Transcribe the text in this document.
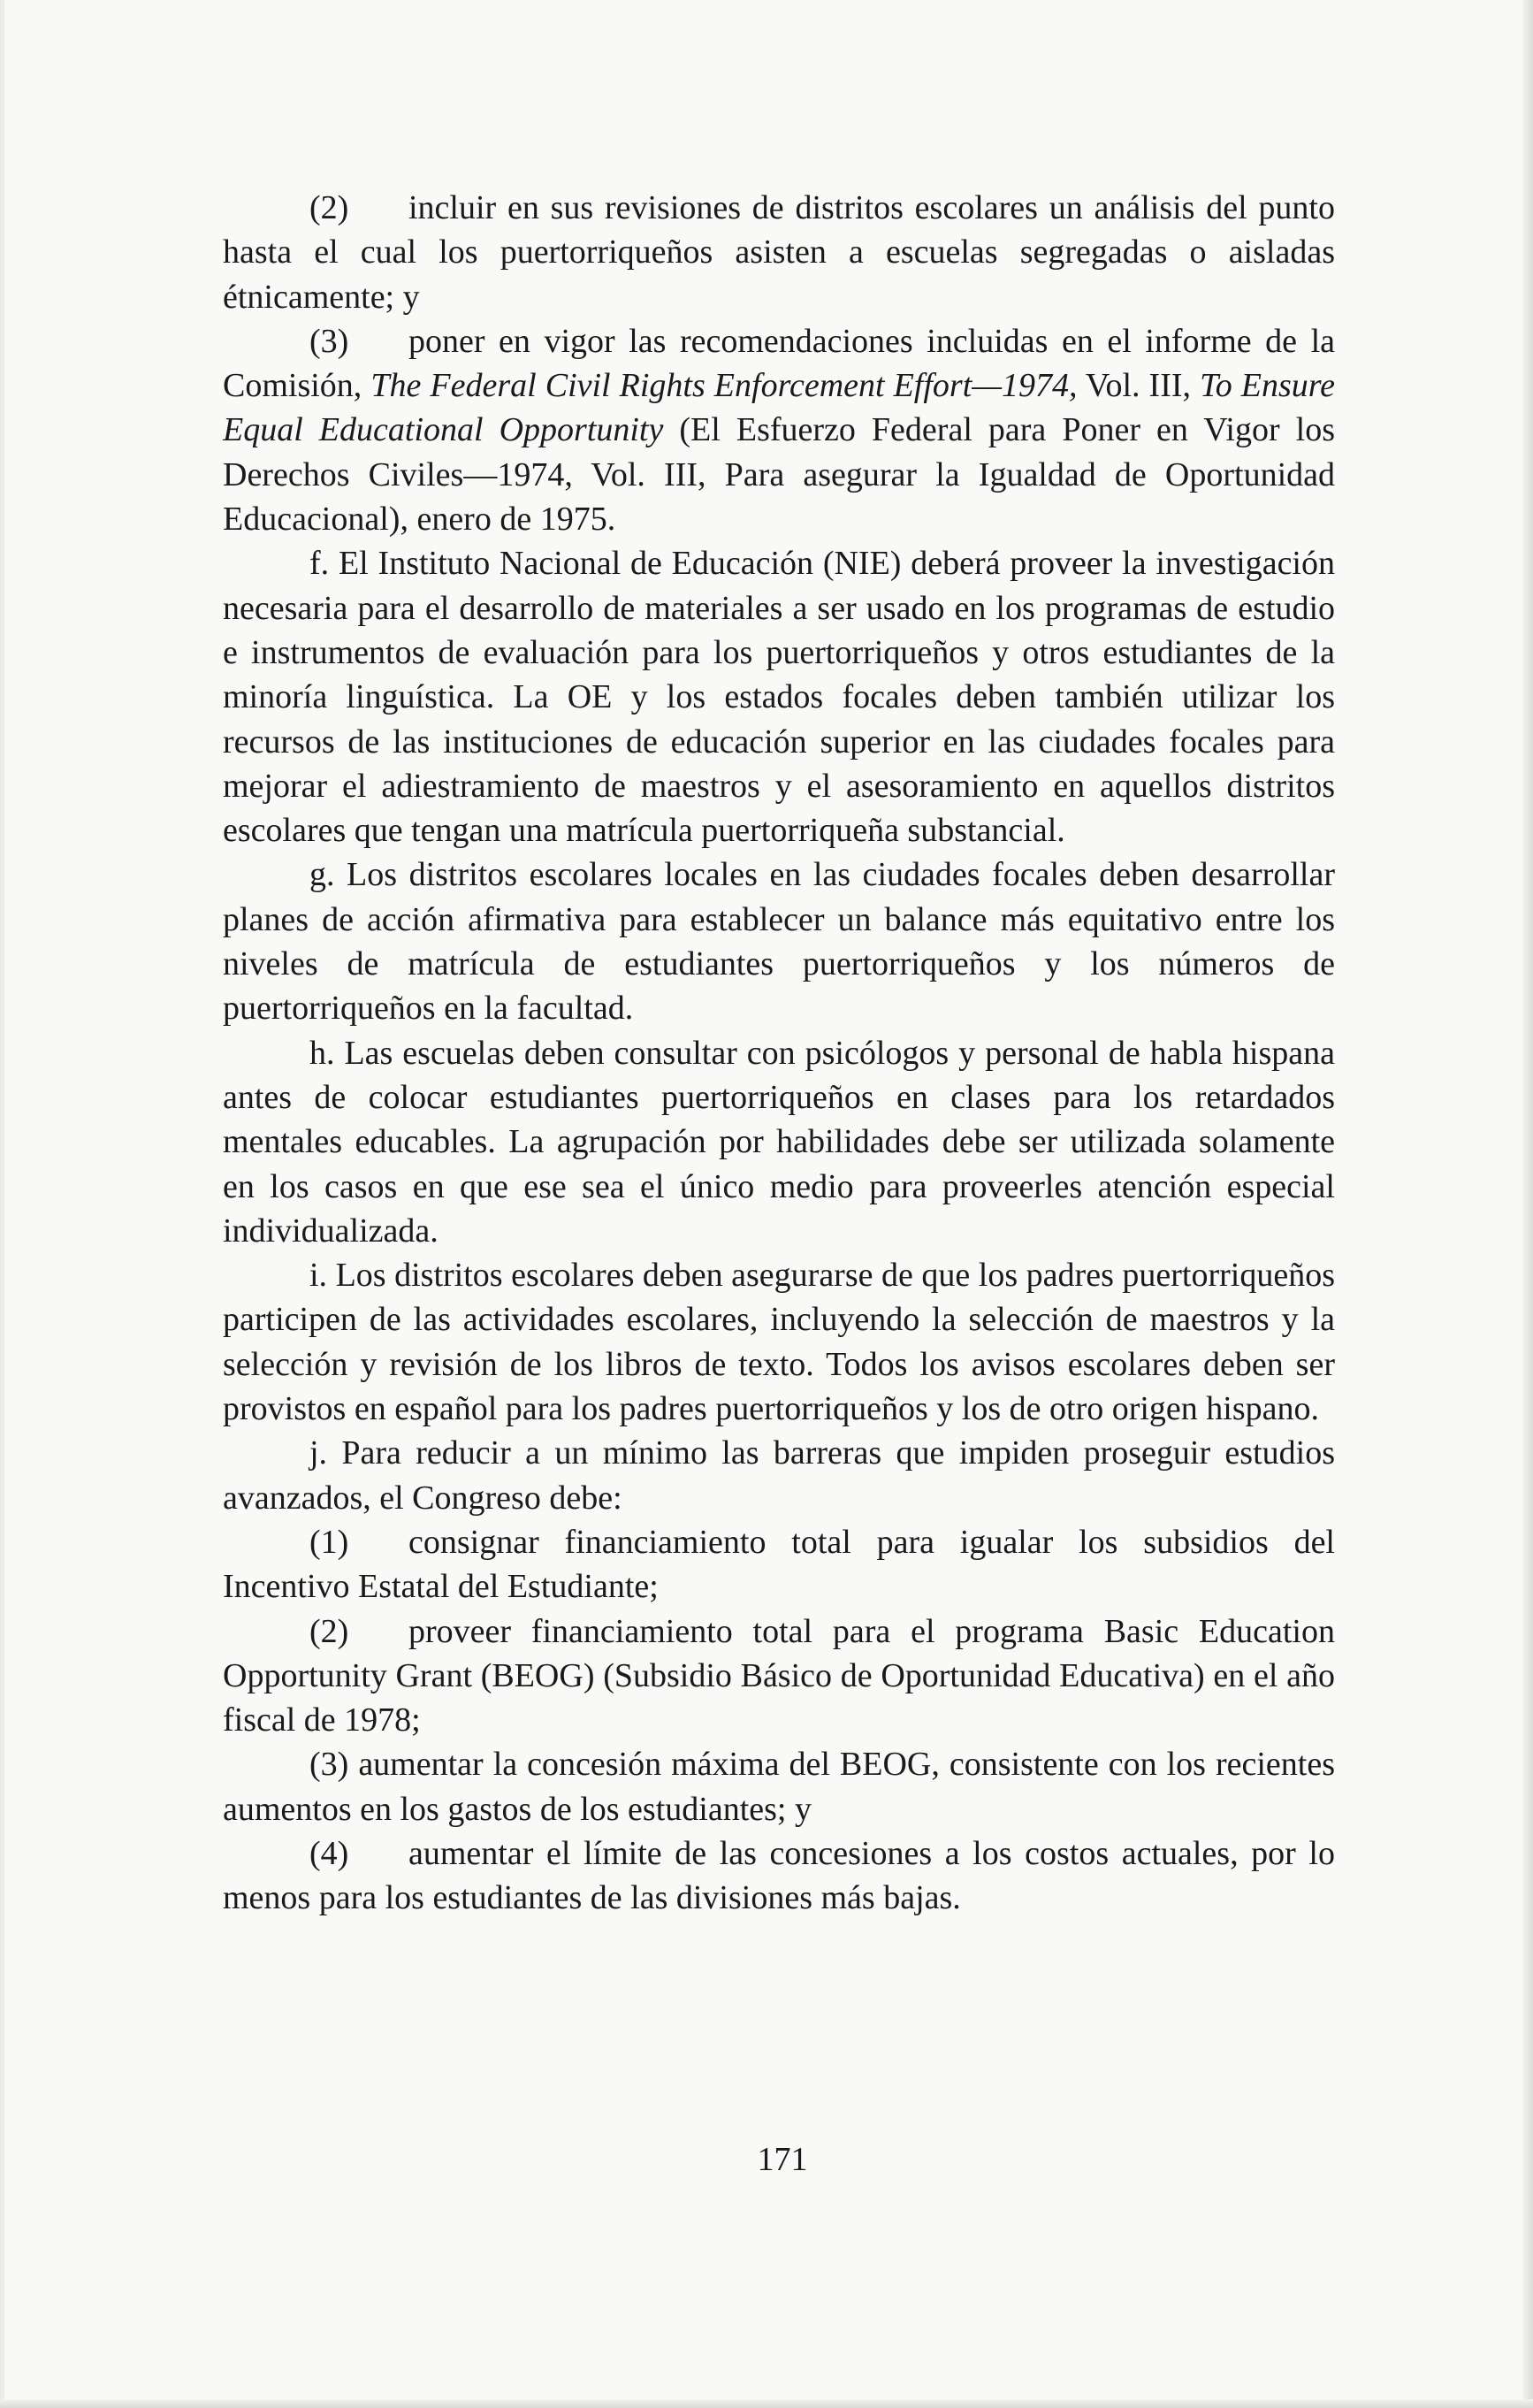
(2) incluir en sus revisiones de distritos escolares un análisis del punto hasta el cual los puertorriqueños asisten a escuelas segregadas o aisladas étnicamente; y

(3) poner en vigor las recomendaciones incluidas en el informe de la Comisión, The Federal Civil Rights Enforcement Effort—1974, Vol. III, To Ensure Equal Educational Opportunity (El Esfuerzo Federal para Poner en Vigor los Derechos Civiles—1974, Vol. III, Para asegurar la Igualdad de Oportunidad Educacional), enero de 1975.

f. El Instituto Nacional de Educación (NIE) deberá proveer la investigación necesaria para el desarrollo de materiales a ser usado en los programas de estudio e instrumentos de evaluación para los puertorriqueños y otros estudiantes de la minoría linguística. La OE y los estados focales deben también utilizar los recursos de las instituciones de educación superior en las ciudades focales para mejorar el adiestramiento de maestros y el asesoramiento en aquellos distritos escolares que tengan una matrícula puertorriqueña substancial.

g. Los distritos escolares locales en las ciudades focales deben desarrollar planes de acción afirmativa para establecer un balance más equitativo entre los niveles de matrícula de estudiantes puertorriqueños y los números de puertorriqueños en la facultad.

h. Las escuelas deben consultar con psicólogos y personal de habla hispana antes de colocar estudiantes puertorriqueños en clases para los retardados mentales educables. La agrupación por habilidades debe ser utilizada solamente en los casos en que ese sea el único medio para proveerles atención especial individualizada.

i. Los distritos escolares deben asegurarse de que los padres puertorriqueños participen de las actividades escolares, incluyendo la selección de maestros y la selección y revisión de los libros de texto. Todos los avisos escolares deben ser provistos en español para los padres puertorriqueños y los de otro origen hispano.

j. Para reducir a un mínimo las barreras que impiden proseguir estudios avanzados, el Congreso debe:

(1) consignar financiamiento total para igualar los subsidios del Incentivo Estatal del Estudiante;

(2) proveer financiamiento total para el programa Basic Education Opportunity Grant (BEOG) (Subsidio Básico de Oportunidad Educativa) en el año fiscal de 1978;

(3) aumentar la concesión máxima del BEOG, consistente con los recientes aumentos en los gastos de los estudiantes; y

(4) aumentar el límite de las concesiones a los costos actuales, por lo menos para los estudiantes de las divisiones más bajas.

171
